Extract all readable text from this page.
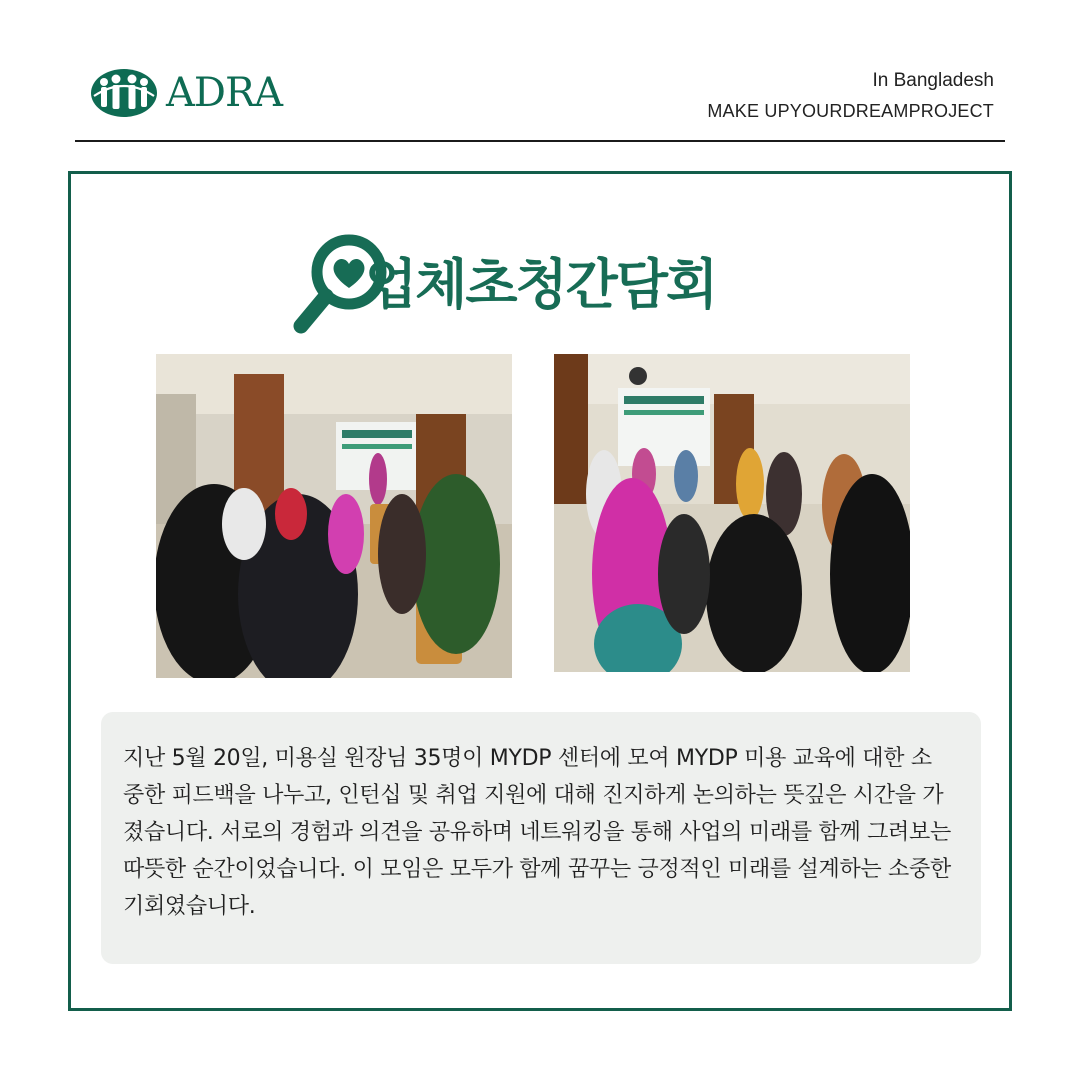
ADRA	In Bangladesh
MAKE UPYOURDREAMPROJECT
업체초청간담회

지난 5월 20일, 미용실 원장님 35명이 MYDP 센터에 모여 MYDP 미용 교육에 대한 소중한 피드백을 나누고, 인턴십 및 취업 지원에 대해 진지하게 논의하는 뜻깊은 시간을 가졌습니다. 서로의 경험과 의견을 공유하며 네트워킹을 통해 사업의 미래를 함께 그려보는 따뜻한 순간이었습니다. 이 모임은 모두가 함께 꿈꾸는 긍정적인 미래를 설계하는 소중한 기회였습니다.
